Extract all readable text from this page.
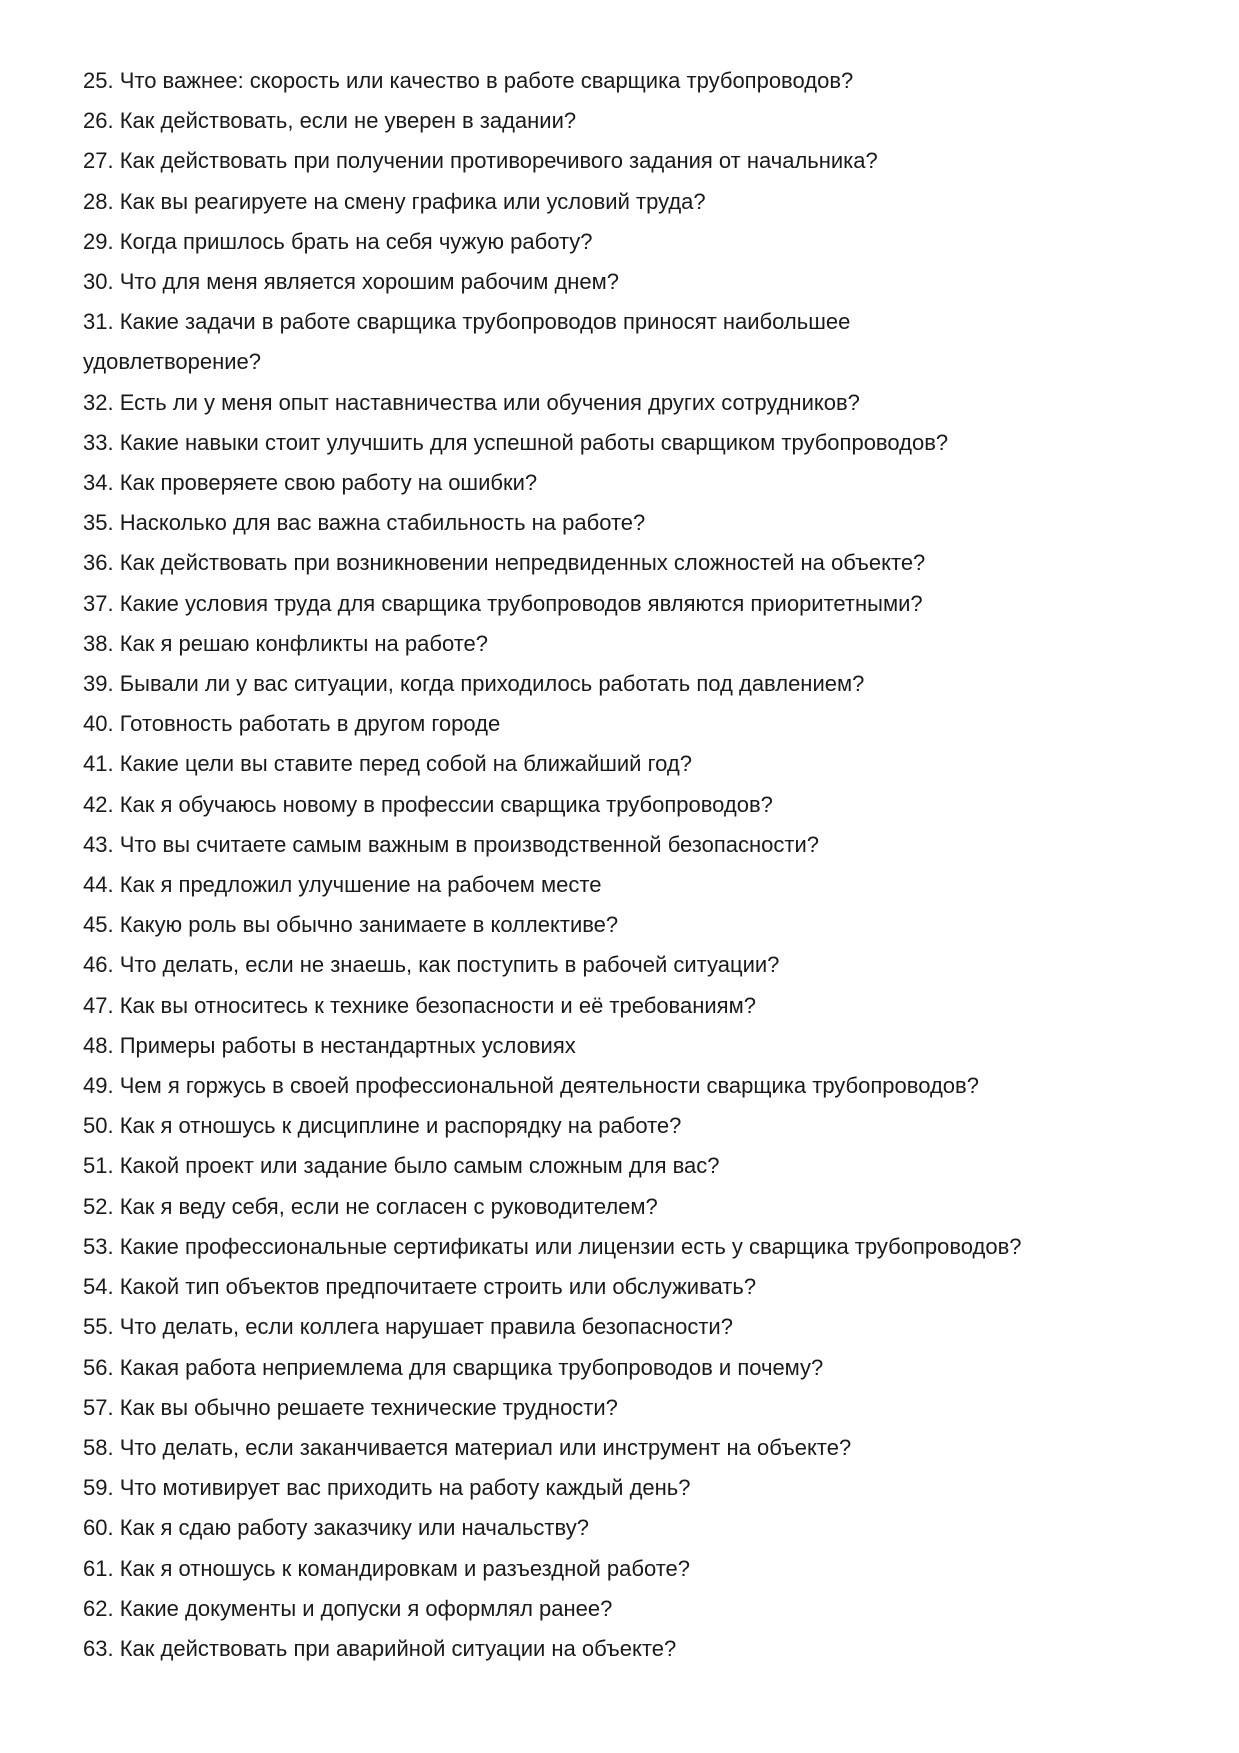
25. Что важнее: скорость или качество в работе сварщика трубопроводов?
26. Как действовать, если не уверен в задании?
27. Как действовать при получении противоречивого задания от начальника?
28. Как вы реагируете на смену графика или условий труда?
29. Когда пришлось брать на себя чужую работу?
30. Что для меня является хорошим рабочим днем?
31. Какие задачи в работе сварщика трубопроводов приносят наибольшее удовлетворение?
32. Есть ли у меня опыт наставничества или обучения других сотрудников?
33. Какие навыки стоит улучшить для успешной работы сварщиком трубопроводов?
34. Как проверяете свою работу на ошибки?
35. Насколько для вас важна стабильность на работе?
36. Как действовать при возникновении непредвиденных сложностей на объекте?
37. Какие условия труда для сварщика трубопроводов являются приоритетными?
38. Как я решаю конфликты на работе?
39. Бывали ли у вас ситуации, когда приходилось работать под давлением?
40. Готовность работать в другом городе
41. Какие цели вы ставите перед собой на ближайший год?
42. Как я обучаюсь новому в профессии сварщика трубопроводов?
43. Что вы считаете самым важным в производственной безопасности?
44. Как я предложил улучшение на рабочем месте
45. Какую роль вы обычно занимаете в коллективе?
46. Что делать, если не знаешь, как поступить в рабочей ситуации?
47. Как вы относитесь к технике безопасности и её требованиям?
48. Примеры работы в нестандартных условиях
49. Чем я горжусь в своей профессиональной деятельности сварщика трубопроводов?
50. Как я отношусь к дисциплине и распорядку на работе?
51. Какой проект или задание было самым сложным для вас?
52. Как я веду себя, если не согласен с руководителем?
53. Какие профессиональные сертификаты или лицензии есть у сварщика трубопроводов?
54. Какой тип объектов предпочитаете строить или обслуживать?
55. Что делать, если коллега нарушает правила безопасности?
56. Какая работа неприемлема для сварщика трубопроводов и почему?
57. Как вы обычно решаете технические трудности?
58. Что делать, если заканчивается материал или инструмент на объекте?
59. Что мотивирует вас приходить на работу каждый день?
60. Как я сдаю работу заказчику или начальству?
61. Как я отношусь к командировкам и разъездной работе?
62. Какие документы и допуски я оформлял ранее?
63. Как действовать при аварийной ситуации на объекте?
